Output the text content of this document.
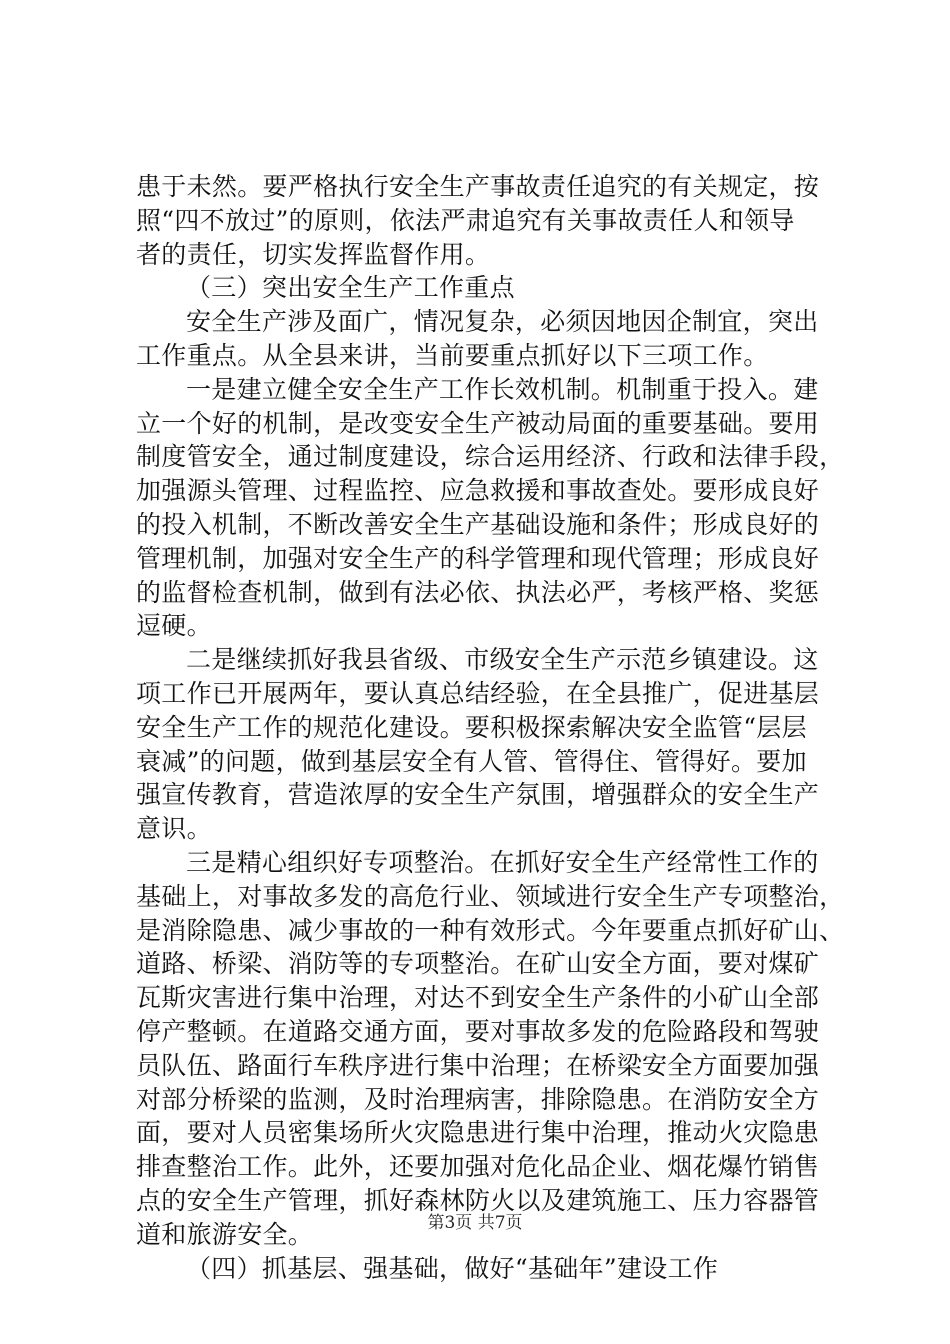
患于未然。要严格执行安全生产事故责任追究的有关规定，按
照“四不放过”的原则，依法严肃追究有关事故责任人和领导
者的责任，切实发挥监督作用。
（三）突出安全生产工作重点
安全生产涉及面广，情况复杂，必须因地因企制宜，突出
工作重点。从全县来讲，当前要重点抓好以下三项工作。
一是建立健全安全生产工作长效机制。机制重于投入。建
立一个好的机制，是改变安全生产被动局面的重要基础。要用
制度管安全，通过制度建设，综合运用经济、行政和法律手段，
加强源头管理、过程监控、应急救援和事故查处。要形成良好
的投入机制，不断改善安全生产基础设施和条件；形成良好的
管理机制，加强对安全生产的科学管理和现代管理；形成良好
的监督检查机制，做到有法必依、执法必严，考核严格、奖惩
逗硬。
二是继续抓好我县省级、市级安全生产示范乡镇建设。这
项工作已开展两年，要认真总结经验，在全县推广，促进基层
安全生产工作的规范化建设。要积极探索解决安全监管“层层
衰减”的问题，做到基层安全有人管、管得住、管得好。要加
强宣传教育，营造浓厚的安全生产氛围，增强群众的安全生产
意识。
三是精心组织好专项整治。在抓好安全生产经常性工作的
基础上，对事故多发的高危行业、领域进行安全生产专项整治，
是消除隐患、减少事故的一种有效形式。今年要重点抓好矿山、
道路、桥梁、消防等的专项整治。在矿山安全方面，要对煤矿
瓦斯灾害进行集中治理，对达不到安全生产条件的小矿山全部
停产整顿。在道路交通方面，要对事故多发的危险路段和驾驶
员队伍、路面行车秩序进行集中治理；在桥梁安全方面要加强
对部分桥梁的监测，及时治理病害，排除隐患。在消防安全方
面，要对人员密集场所火灾隐患进行集中治理，推动火灾隐患
排查整治工作。此外，还要加强对危化品企业、烟花爆竹销售
点的安全生产管理，抓好森林防火以及建筑施工、压力容器管
道和旅游安全。
（四）抓基层、强基础，做好“基础年”建设工作
第3页 共7页
